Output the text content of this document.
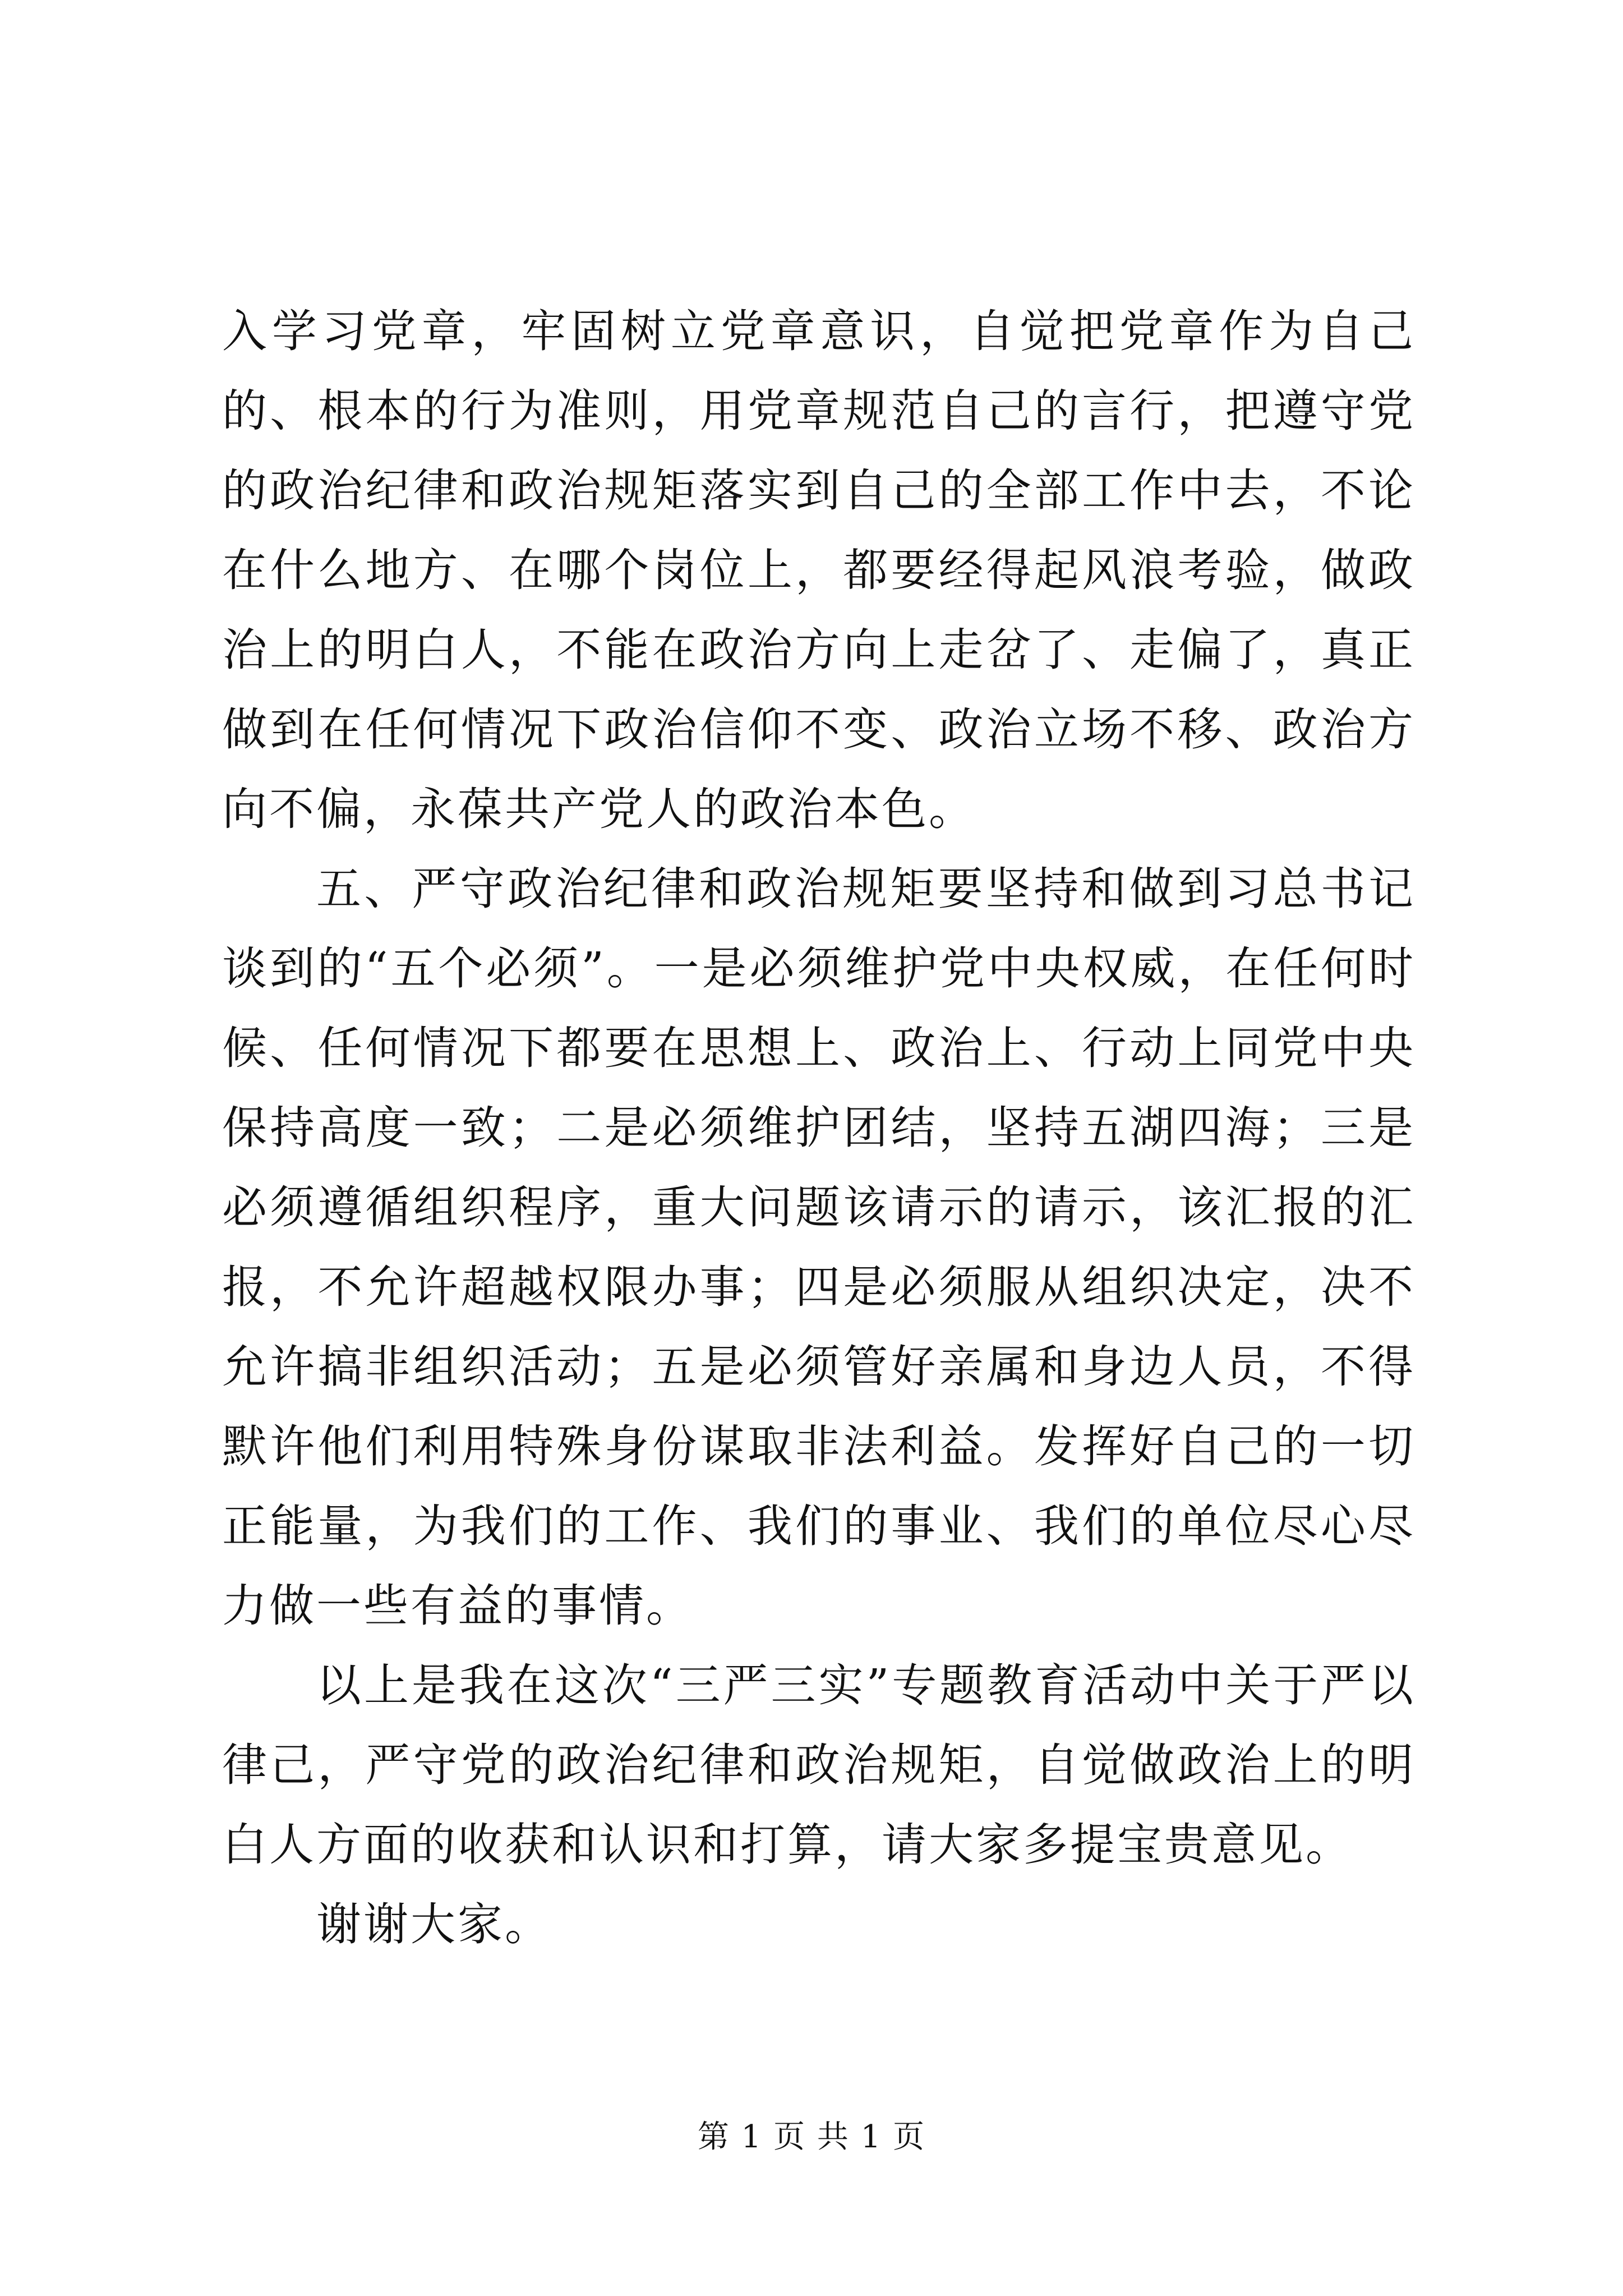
入学习党章，牢固树立党章意识，自觉把党章作为自己的、根本的行为准则，用党章规范自己的言行，把遵守党的政治纪律和政治规矩落实到自己的全部工作中去，不论在什么地方、在哪个岗位上，都要经得起风浪考验，做政治上的明白人，不能在政治方向上走岔了、走偏了，真正做到在任何情况下政治信仰不变、政治立场不移、政治方向不偏，永葆共产党人的政治本色。

五、严守政治纪律和政治规矩要坚持和做到习总书记谈到的“五个必须”。一是必须维护党中央权威，在任何时候、任何情况下都要在思想上、政治上、行动上同党中央保持高度一致；二是必须维护团结，坚持五湖四海；三是必须遵循组织程序，重大问题该请示的请示，该汇报的汇报，不允许超越权限办事；四是必须服从组织决定，决不允许搞非组织活动；五是必须管好亲属和身边人员，不得默许他们利用特殊身份谋取非法利益。发挥好自己的一切正能量，为我们的工作、我们的事业、我们的单位尽心尽力做一些有益的事情。

以上是我在这次“三严三实”专题教育活动中关于严以律己，严守党的政治纪律和政治规矩，自觉做政治上的明白人方面的收获和认识和打算，请大家多提宝贵意见。

谢谢大家。

第 1 页 共 1 页
